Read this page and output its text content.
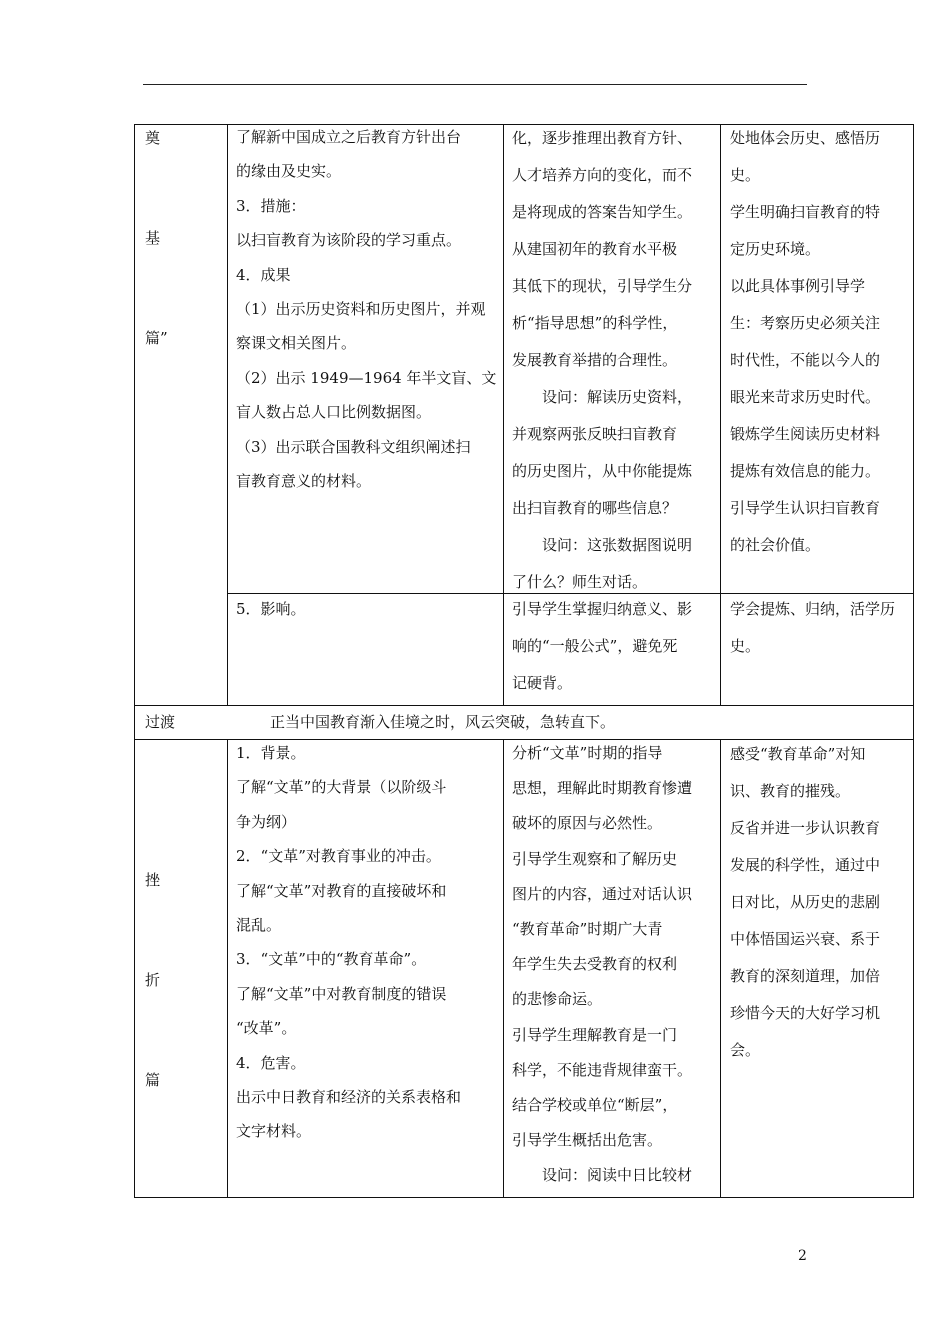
奠
基
篇”

了解新中国成立之后教育方针出台

的缘由及史实。

3．措施：

以扫盲教育为该阶段的学习重点。

4．成果

（1）出示历史资料和历史图片，并观

察课文相关图片。

（2）出示 1949—1964 年半文盲、文

盲人数占总人口比例数据图。

（3）出示联合国教科文组织阐述扫

盲教育意义的材料。

化，逐步推理出教育方针、

人才培养方向的变化，而不

是将现成的答案告知学生。

从建国初年的教育水平极

其低下的现状，引导学生分

析“指导思想”的科学性，

发展教育举措的合理性。

　　设问：解读历史资料，

并观察两张反映扫盲教育

的历史图片，从中你能提炼

出扫盲教育的哪些信息？

　　设问：这张数据图说明

了什么？师生对话。

处地体会历史、感悟历

史。

学生明确扫盲教育的特

定历史环境。

以此具体事例引导学

生：考察历史必须关注

时代性，不能以今人的

眼光来苛求历史时代。

锻炼学生阅读历史材料

提炼有效信息的能力。

引导学生认识扫盲教育

的社会价值。

5．影响。	引导学生掌握归纳意义、影

响的“一般公式”，避免死

记硬背。

学会提炼、归纳，活学历

史。

过渡	正当中国教育渐入佳境之时，风云突破，急转直下。
挫
折
篇

1．背景。

了解“文革”的大背景（以阶级斗

争为纲）

2．“文革”对教育事业的冲击。

了解“文革”对教育的直接破坏和

混乱。

3．“文革”中的“教育革命”。

了解“文革”中对教育制度的错误

“改革”。

4．危害。

出示中日教育和经济的关系表格和

文字材料。

分析“文革”时期的指导

思想，理解此时期教育惨遭

破坏的原因与必然性。

引导学生观察和了解历史

图片的内容，通过对话认识

“教育革命”时期广大青

年学生失去受教育的权利

的悲惨命运。

引导学生理解教育是一门

科学，不能违背规律蛮干。

结合学校或单位“断层”，

引导学生概括出危害。

　　设问：阅读中日比较材

感受“教育革命”对知

识、教育的摧残。

反省并进一步认识教育

发展的科学性，通过中

日对比，从历史的悲剧

中体悟国运兴衰、系于

教育的深刻道理，加倍

珍惜今天的大好学习机

会。

2
